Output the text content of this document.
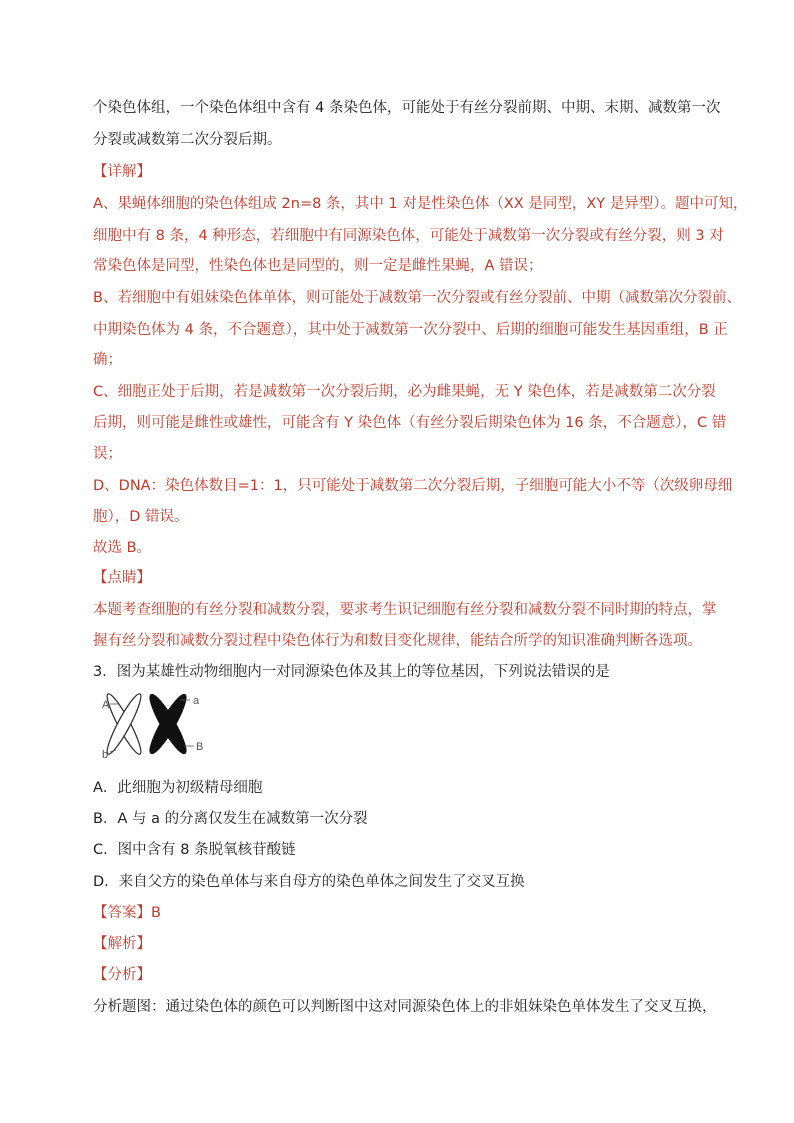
个染色体组，一个染色体组中含有 4 条染色体，可能处于有丝分裂前期、中期、末期、减数第一次
分裂或减数第二次分裂后期。
【详解】
A、果蝇体细胞的染色体组成 2n=8 条，其中 1 对是性染色体（XX 是同型，XY 是异型）。题中可知，
细胞中有 8 条，4 种形态，若细胞中有同源染色体，可能处于减数第一次分裂或有丝分裂，则 3 对
常染色体是同型，性染色体也是同型的，则一定是雌性果蝇，A 错误；
B、若细胞中有姐妹染色体单体，则可能处于减数第一次分裂或有丝分裂前、中期（减数第次分裂前、
中期染色体为 4 条，不合题意），其中处于减数第一次分裂中、后期的细胞可能发生基因重组，B 正
确；
C、细胞正处于后期，若是减数第一次分裂后期，必为雌果蝇，无 Y 染色体，若是减数第二次分裂
后期，则可能是雌性或雄性，可能含有 Y 染色体（有丝分裂后期染色体为 16 条，不合题意），C 错
误；
D、DNA：染色体数目=1：1，只可能处于减数第二次分裂后期，子细胞可能大小不等（次级卵母细
胞），D 错误。
故选 B。
【点睛】
本题考查细胞的有丝分裂和减数分裂，要求考生识记细胞有丝分裂和减数分裂不同时期的特点，掌
握有丝分裂和减数分裂过程中染色体行为和数目变化规律，能结合所学的知识准确判断各选项。
3．图为某雄性动物细胞内一对同源染色体及其上的等位基因，下列说法错误的是
A
b
a
B
A．此细胞为初级精母细胞
B．A 与 a 的分离仅发生在减数第一次分裂
C．图中含有 8 条脱氧核苷酸链
D．来自父方的染色单体与来自母方的染色单体之间发生了交叉互换
【答案】B
【解析】
【分析】
分析题图：通过染色体的颜色可以判断图中这对同源染色体上的非姐妹染色单体发生了交叉互换，
